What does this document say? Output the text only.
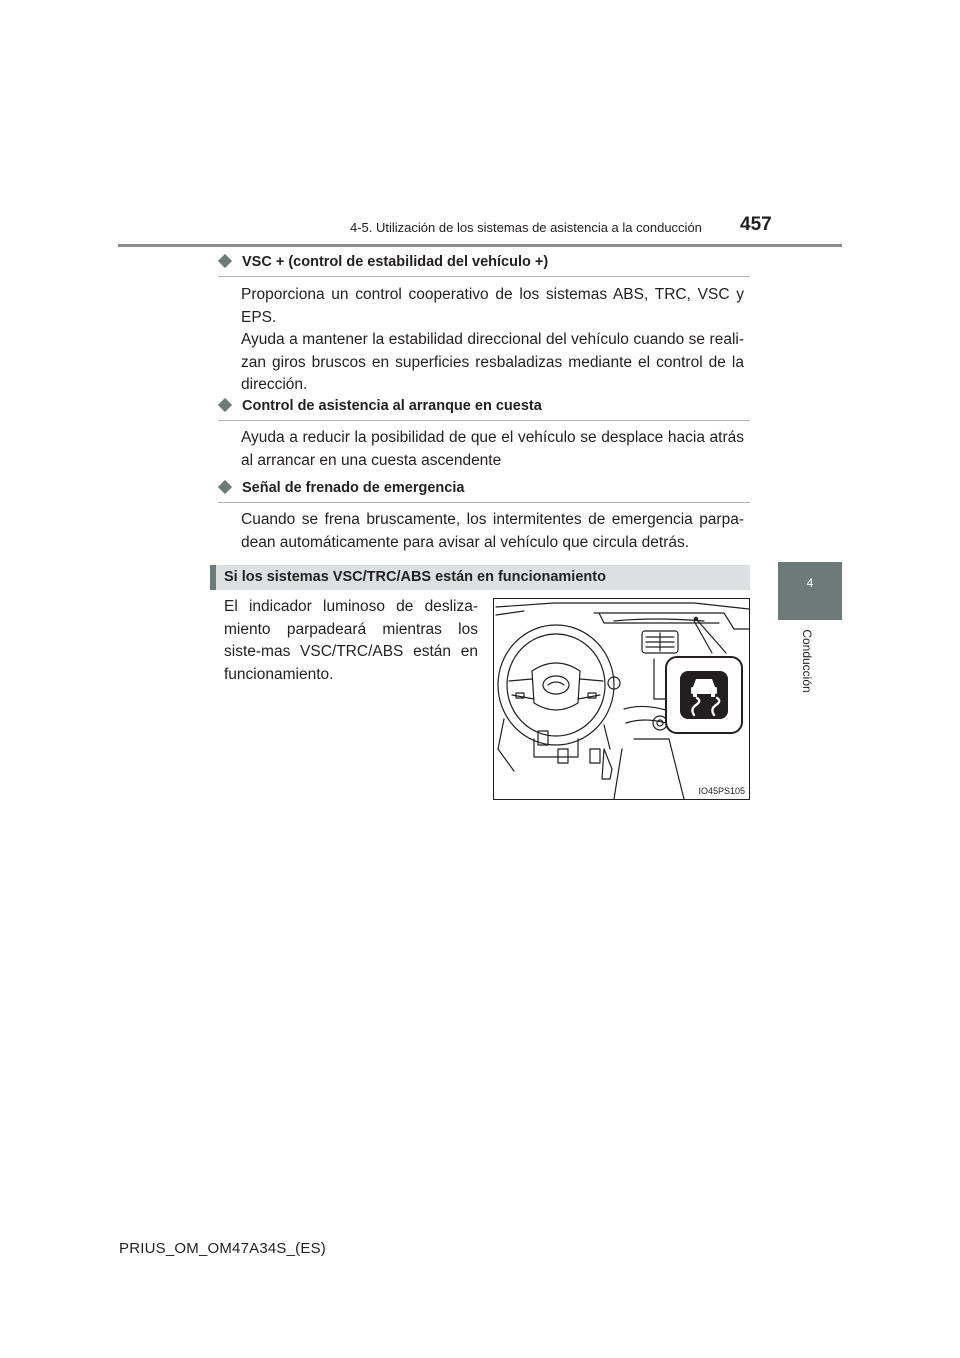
4-5. Utilización de los sistemas de asistencia a la conducción 457
4
Conducción
VSC + (control de estabilidad del vehículo +)
Proporciona un control cooperativo de los sistemas ABS, TRC, VSC y EPS.
Ayuda a mantener la estabilidad direccional del vehículo cuando se reali-zan giros bruscos en superficies resbaladizas mediante el control de la dirección.
Control de asistencia al arranque en cuesta
Ayuda a reducir la posibilidad de que el vehículo se desplace hacia atrás al arrancar en una cuesta ascendente
Señal de frenado de emergencia
Cuando se frena bruscamente, los intermitentes de emergencia parpa-dean automáticamente para avisar al vehículo que circula detrás.
Si los sistemas VSC/TRC/ABS están en funcionamiento
El indicador luminoso de desliza-miento parpadeará mientras los siste-mas VSC/TRC/ABS están en funcionamiento.
IO45PS105
PRIUS_OM_OM47A34S_(ES)
